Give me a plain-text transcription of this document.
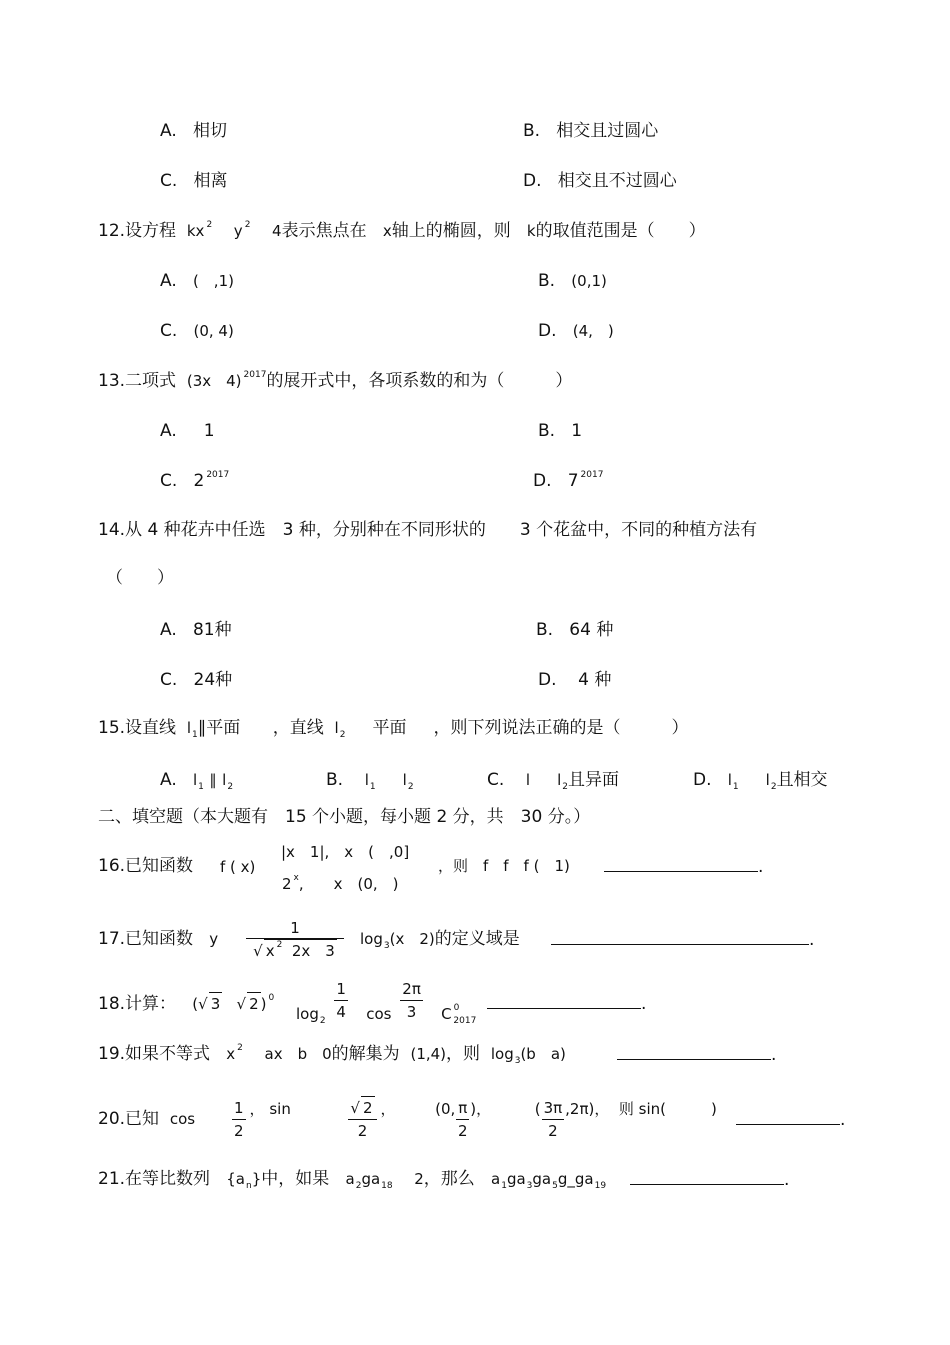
A. 相切	B. 相交且过圆心
C. 相离	D. 相交且不过圆心
12.设方程 kx $^2$ y $^2$ 4表示焦点在 x轴上的椭圆，则 k的取值范围是（　　）
A. (　,1)	B. (0,1)
C. (0, 4)	D. (4,　)
13.二项式 (3x　4) $^{2017}$的展开式中，各项系数的和为（　　　）
A. 1	B. 1
C. 2 $^{2017}$	D. 7 $^{2017}$
14.从 4 种花卉中任选　3 种，分别种在不同形状的　　3 个花盆中，不同的种植方法有
（　　）
A. 81种	B. 64 种
C. 24种	D. 4 种
15.设直线 $l_1\parallel$平面 ，直线 $l_2$ 平面 ，则下列说法正确的是（　　　）
A. $l_1$ ∥ $l_2$	B. $l_1$ $l_2$	C. l $l_2$且异面	D. $l_1$ $l_2$且相交
二、填空题（本大题有　15 个小题，每小题 2 分，共　30 分。）
16.已知函数 f ( x)
|x　1|,　x　(　,0]
2 $^x$,　　x　(0,　)
，则　f　f　f (　1)	.
17.已知函数 y
1
√ x $^2$ 2x　3
$\log_3(x$　2)的定义域是	.
18.计算： (√ 3   √ 2 ) $^0$
$\log_2 \frac{1}{4}$ $\cos \frac{2\pi}{3}$ C $^0_{2017}$
.
19.如果不等式 x $^2$ ax　b　0的解集为 (1,4)，则 $\log_3(b$　a)	.
20.已知 $\cos \frac{1}{2}$ ， sin	$\frac{√ 2}{2}$ ，	(0, $\frac{\pi}{2}$ )，	( $\frac{3\pi}{2} ,2\pi$)， 则 sin(　　　)
.
21.在等比数列 $\{a_n\}$中，如果 $a_2ga_{18}$ 2，那么 $a_1ga_3ga_5g\_ga_{19}$	.
